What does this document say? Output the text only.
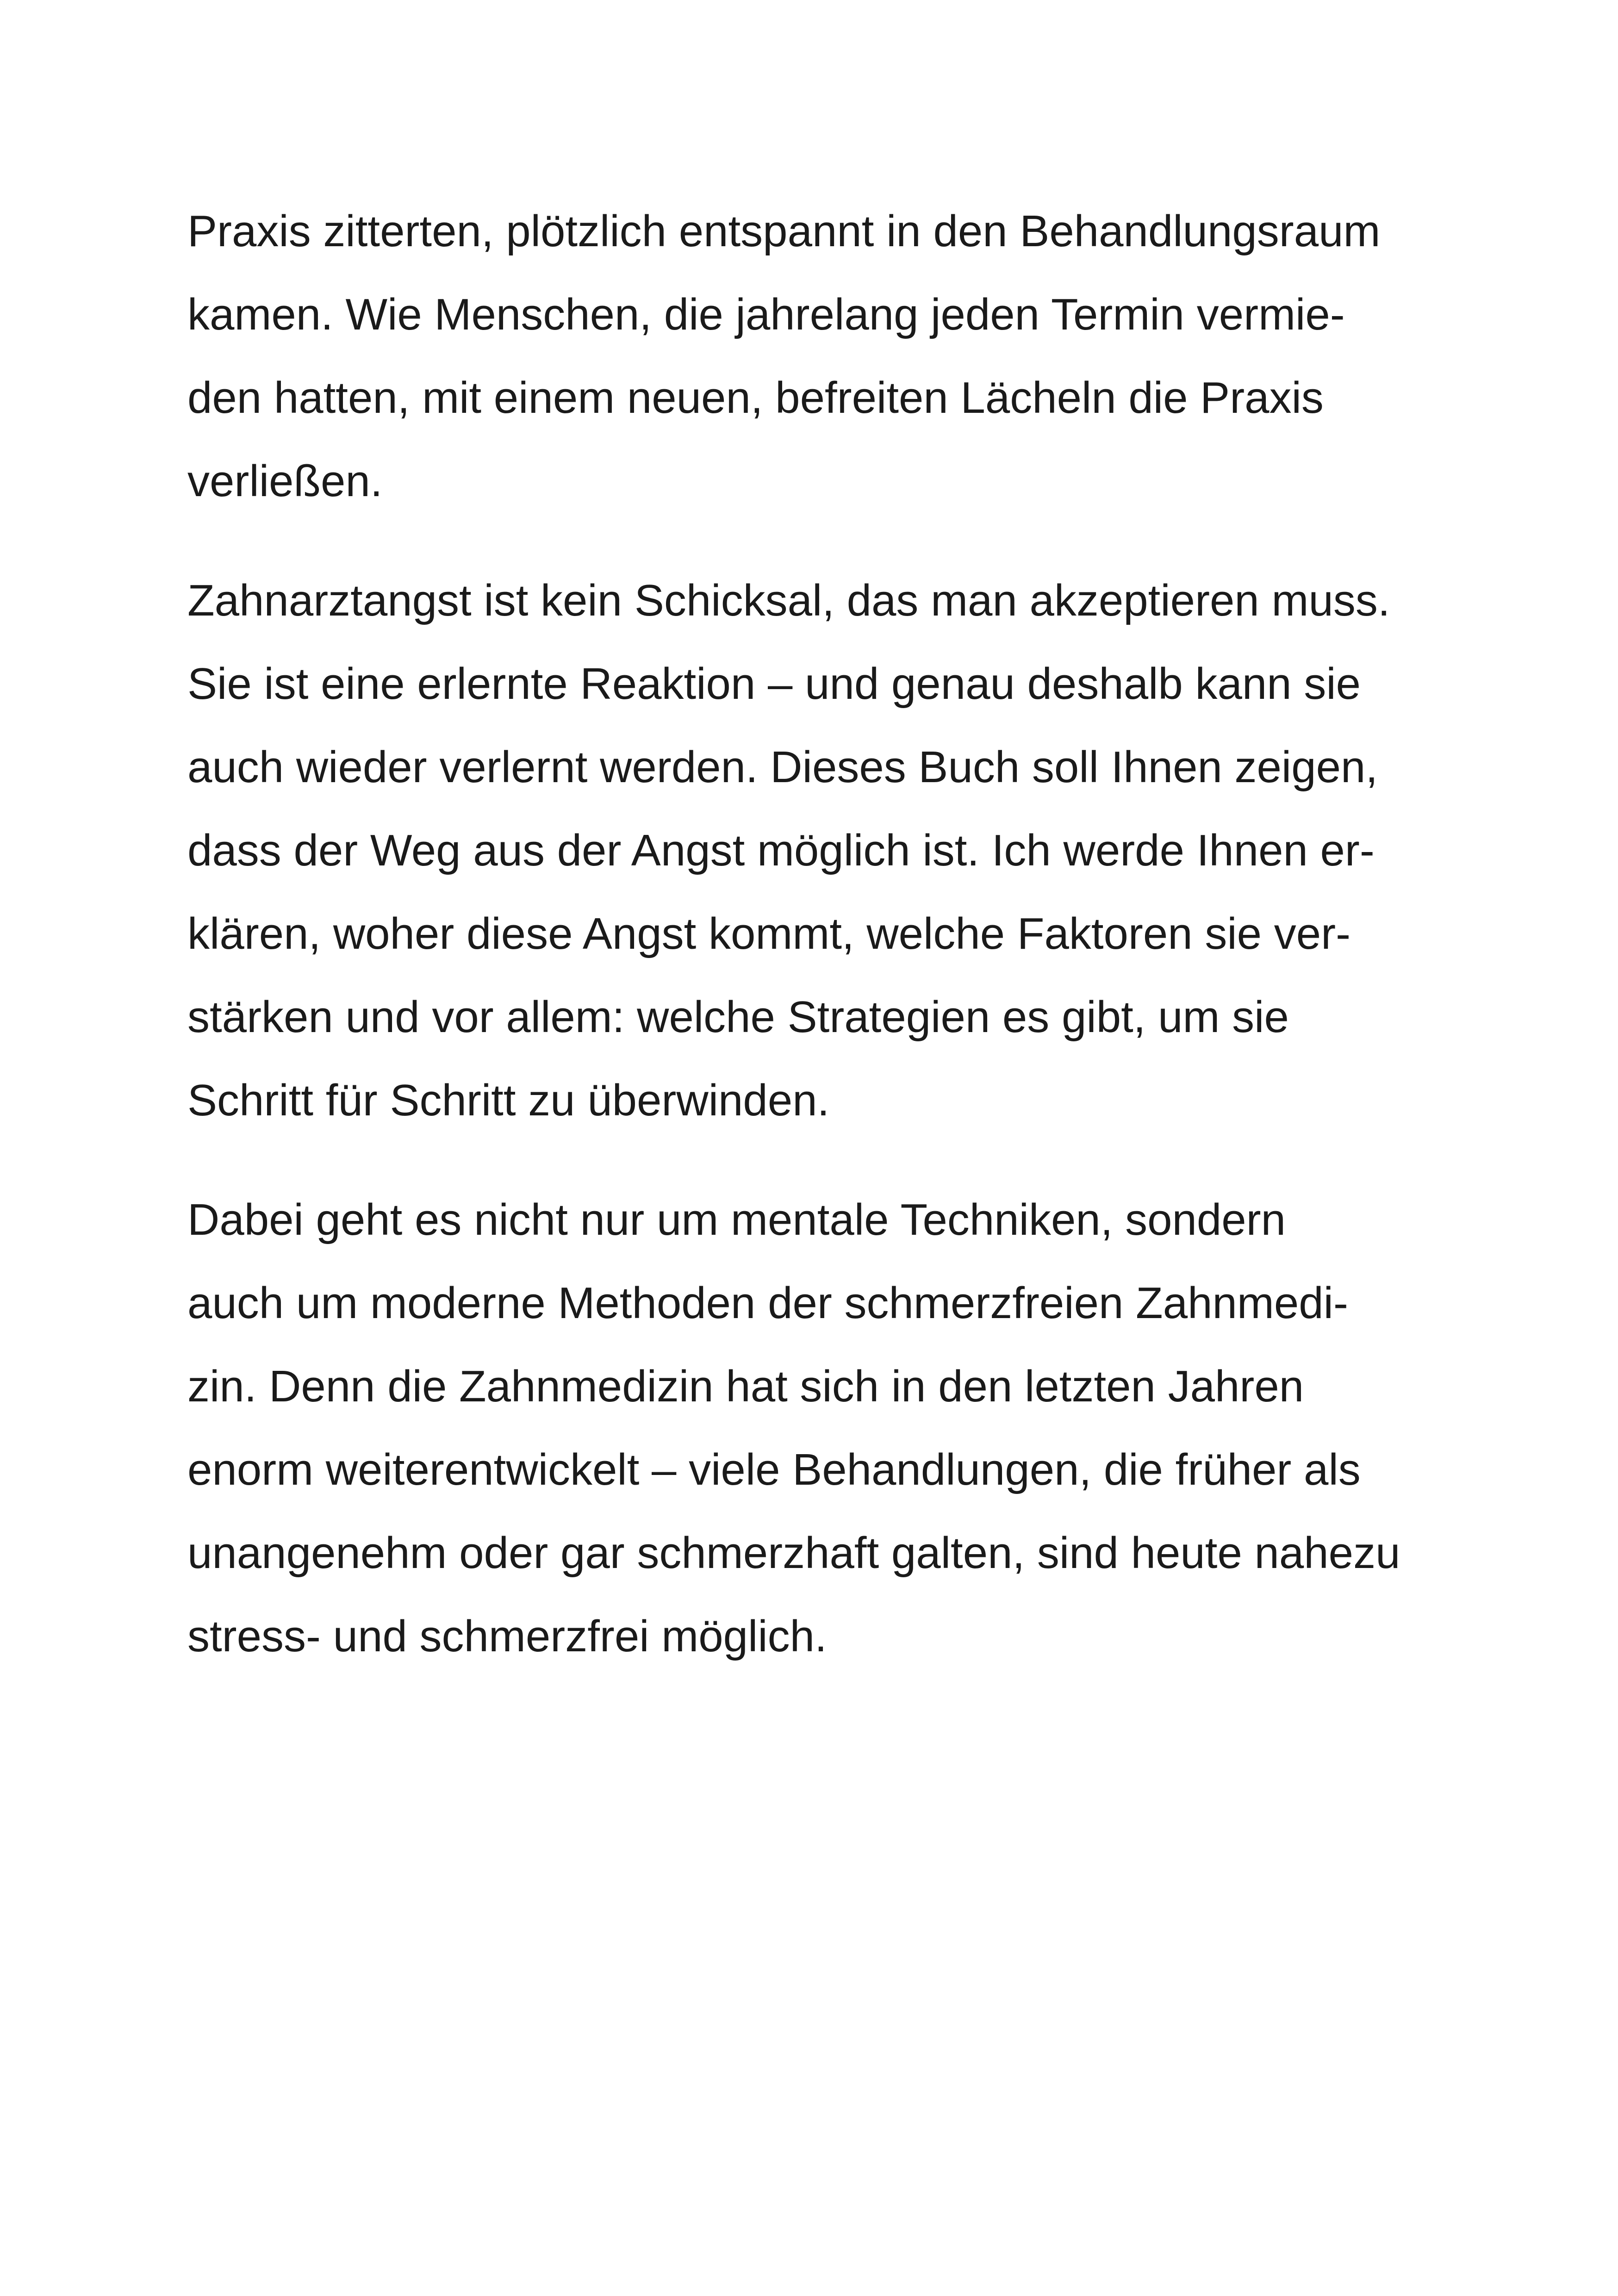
Praxis zitterten, plötzlich entspannt in den Behandlungsraum
kamen. Wie Menschen, die jahrelang jeden Termin vermie-
den hatten, mit einem neuen, befreiten Lächeln die Praxis
verließen.

Zahnarztangst ist kein Schicksal, das man akzeptieren muss.
Sie ist eine erlernte Reaktion – und genau deshalb kann sie
auch wieder verlernt werden. Dieses Buch soll Ihnen zeigen,
dass der Weg aus der Angst möglich ist. Ich werde Ihnen er-
klären, woher diese Angst kommt, welche Faktoren sie ver-
stärken und vor allem: welche Strategien es gibt, um sie
Schritt für Schritt zu überwinden.

Dabei geht es nicht nur um mentale Techniken, sondern
auch um moderne Methoden der schmerzfreien Zahnmedi-
zin. Denn die Zahnmedizin hat sich in den letzten Jahren
enorm weiterentwickelt – viele Behandlungen, die früher als
unangenehm oder gar schmerzhaft galten, sind heute nahezu
stress- und schmerzfrei möglich.
